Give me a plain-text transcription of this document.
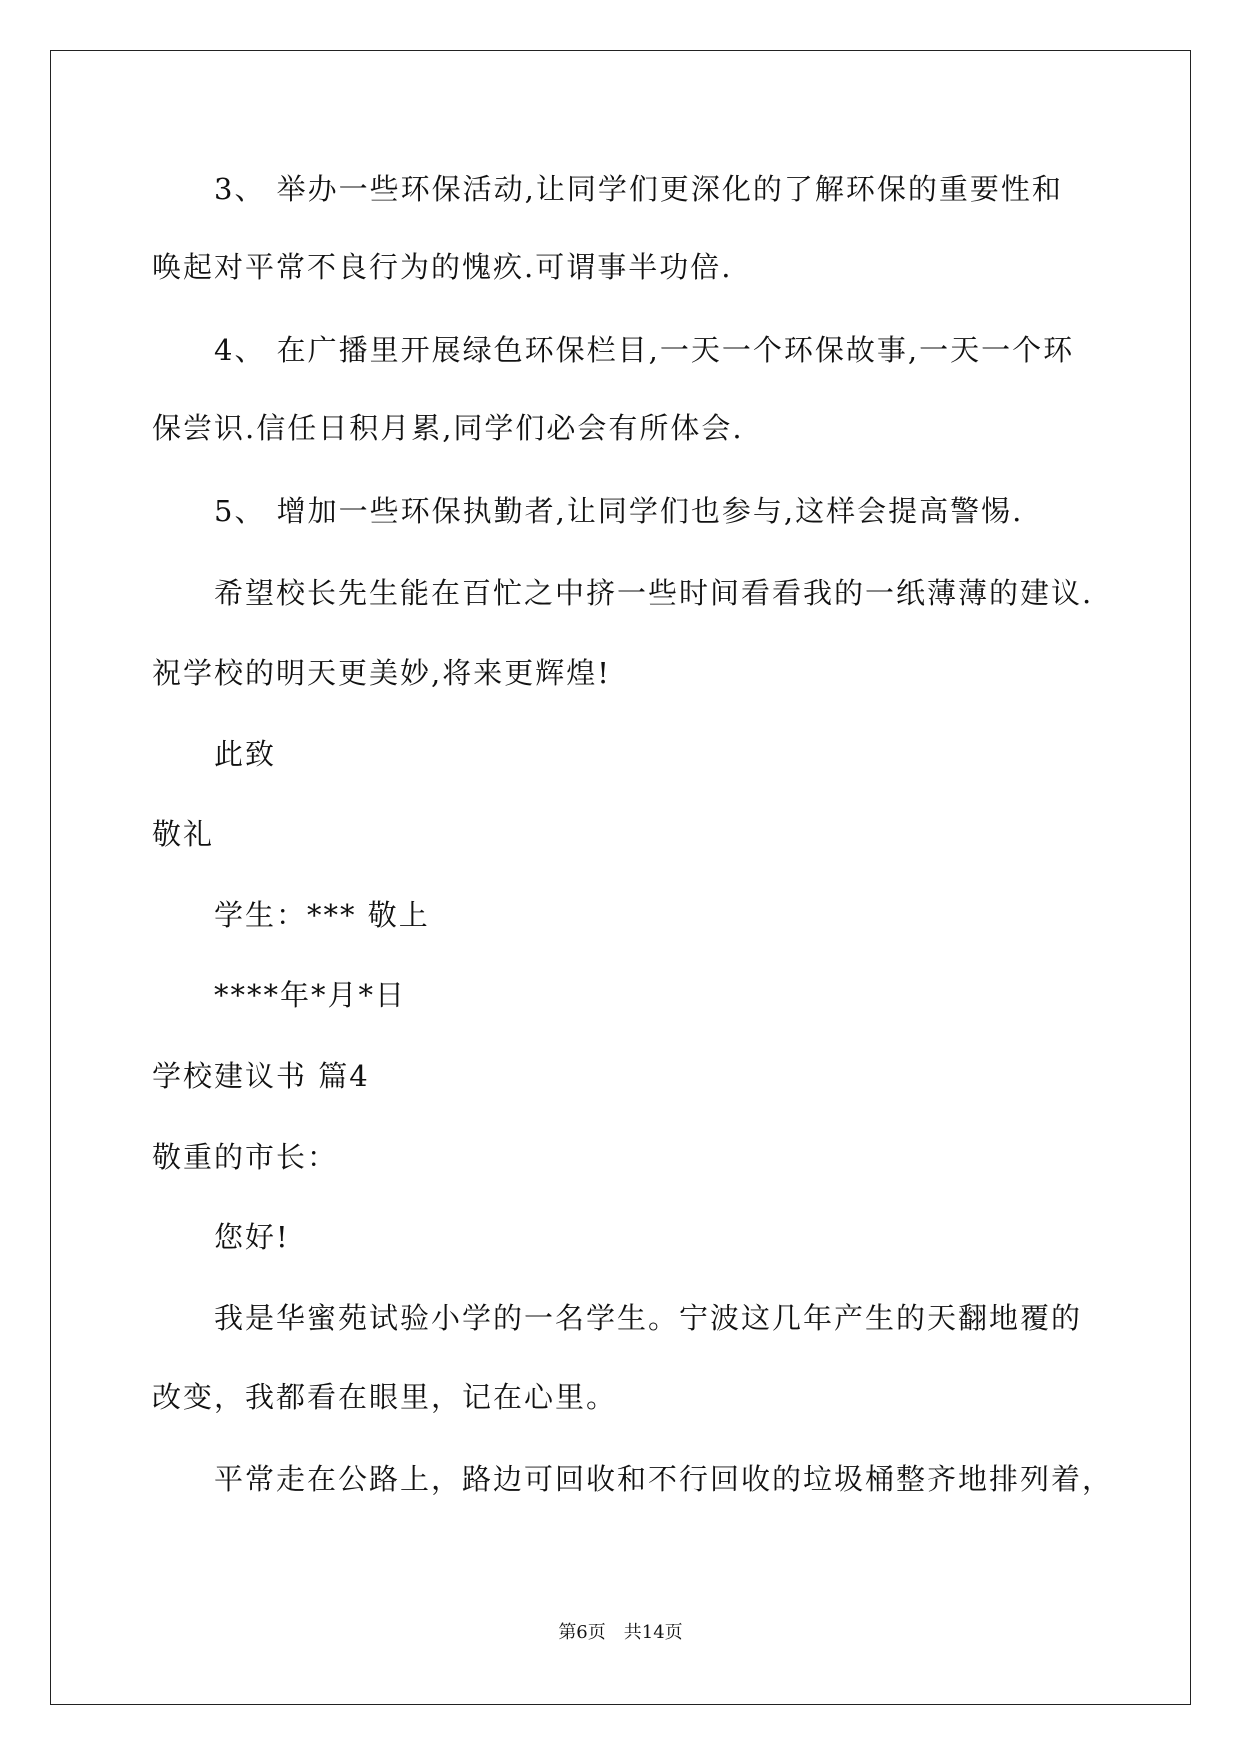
3、 举办一些环保活动,让同学们更深化的了解环保的重要性和

唤起对平常不良行为的愧疚.可谓事半功倍.

4、 在广播里开展绿色环保栏目,一天一个环保故事,一天一个环

保尝识.信任日积月累,同学们必会有所体会.

5、 增加一些环保执勤者,让同学们也参与,这样会提高警惕.

希望校长先生能在百忙之中挤一些时间看看我的一纸薄薄的建议.

祝学校的明天更美妙,将来更辉煌!

此致

敬礼

学生：*** 敬上

****年*月*日

学校建议书 篇4

敬重的市长：

您好!

我是华蜜苑试验小学的一名学生。宁波这几年产生的天翻地覆的

改变，我都看在眼里，记在心里。

平常走在公路上，路边可回收和不行回收的垃圾桶整齐地排列着，

第6页　共14页
